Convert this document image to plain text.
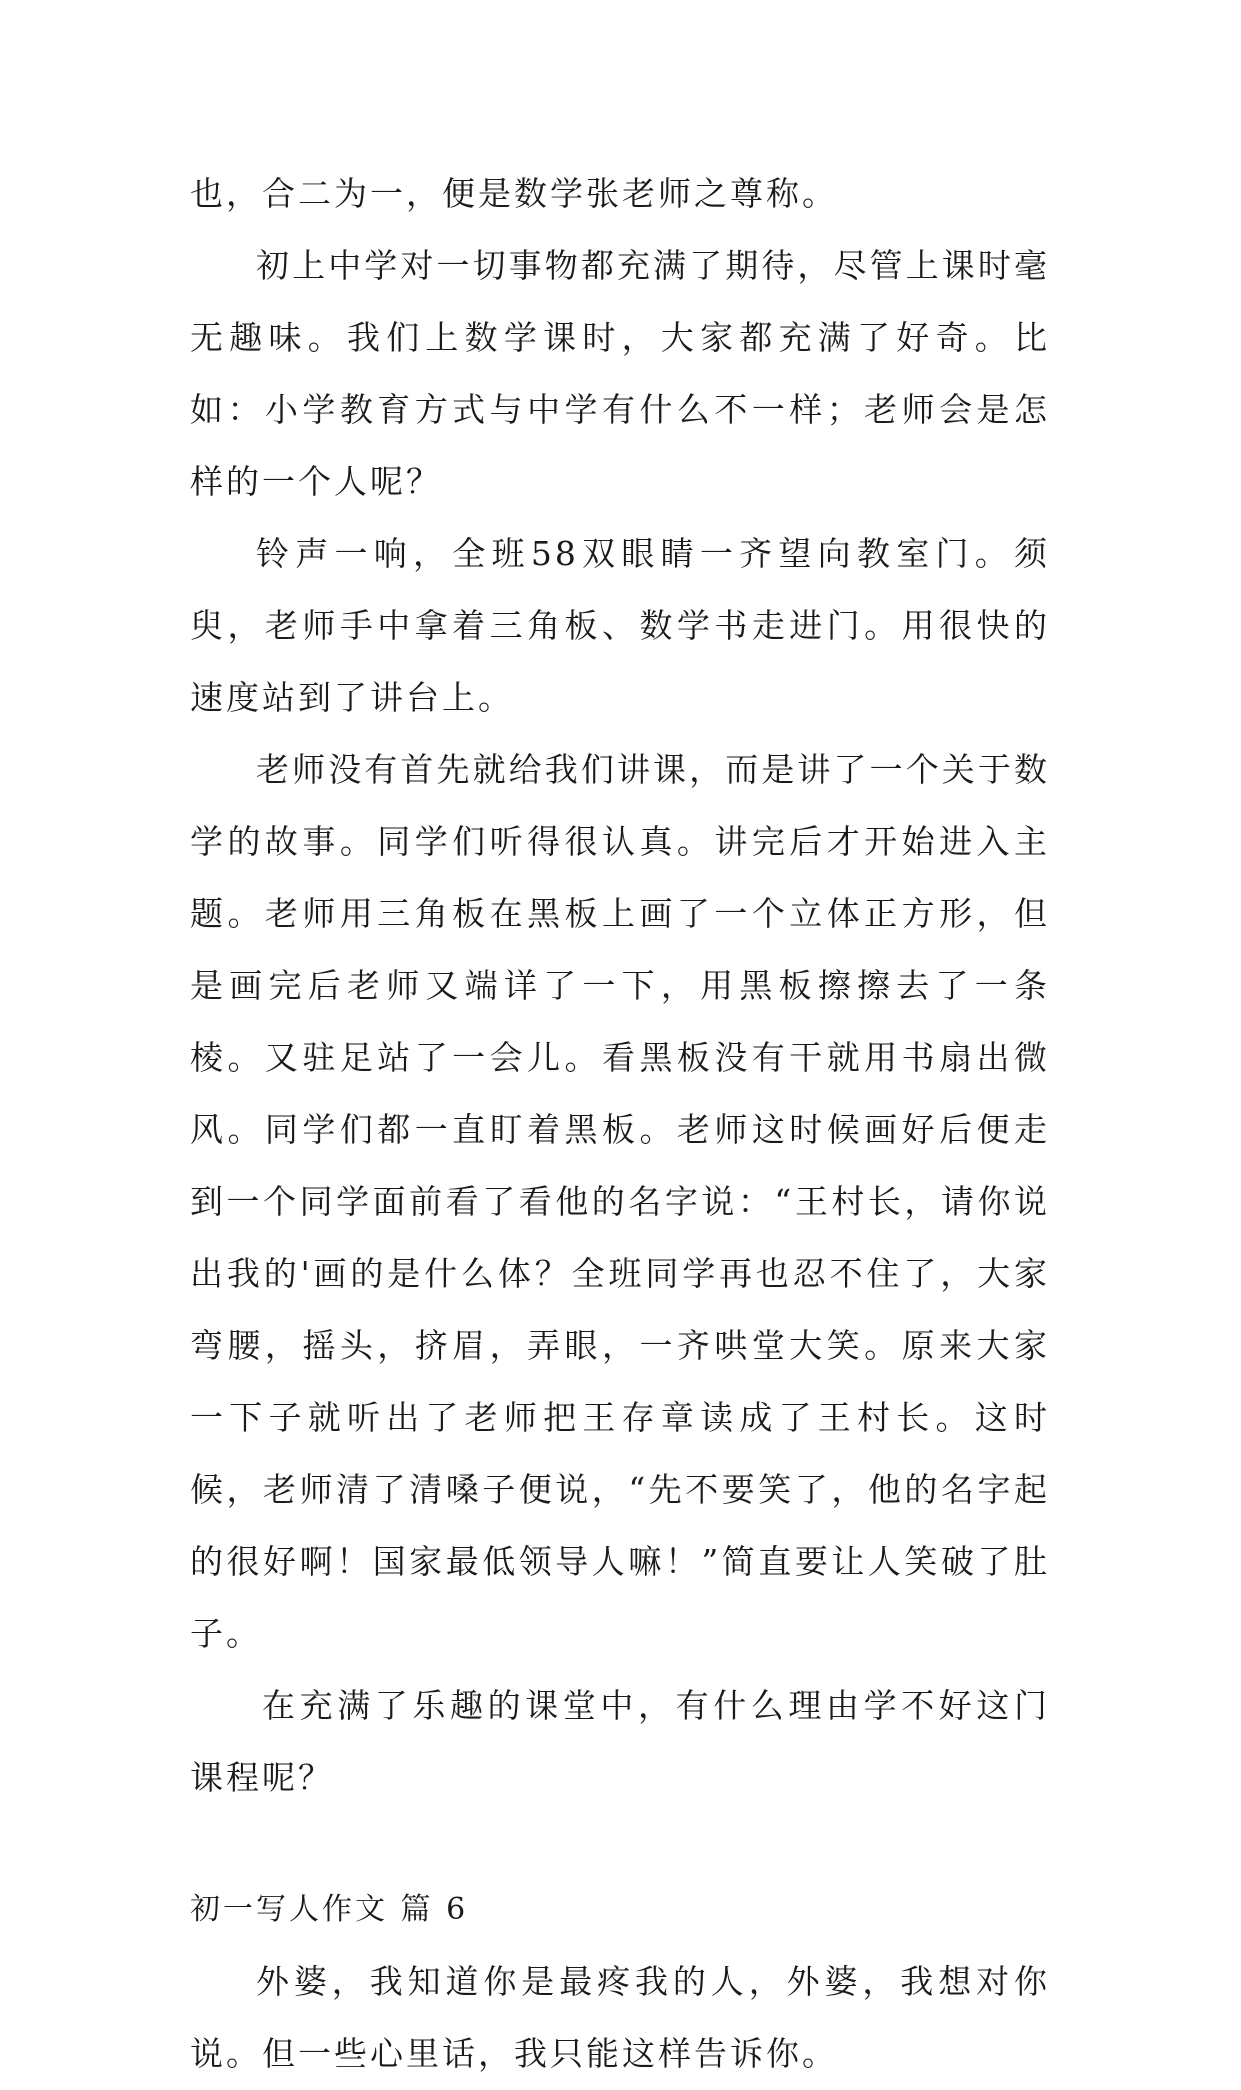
也，合二为一，便是数学张老师之尊称。

初上中学对一切事物都充满了期待，尽管上课时毫无趣味。我们上数学课时，大家都充满了好奇。比如：小学教育方式与中学有什么不一样；老师会是怎样的一个人呢？

铃声一响，全班58双眼睛一齐望向教室门。须臾，老师手中拿着三角板、数学书走进门。用很快的速度站到了讲台上。

老师没有首先就给我们讲课，而是讲了一个关于数学的故事。同学们听得很认真。讲完后才开始进入主题。老师用三角板在黑板上画了一个立体正方形，但是画完后老师又端详了一下，用黑板擦擦去了一条棱。又驻足站了一会儿。看黑板没有干就用书扇出微风。同学们都一直盯着黑板。老师这时候画好后便走到一个同学面前看了看他的名字说：“王村长，请你说出我的'画的是什么体？全班同学再也忍不住了，大家弯腰，摇头，挤眉，弄眼，一齐哄堂大笑。原来大家一下子就听出了老师把王存章读成了王村长。这时候，老师清了清嗓子便说，“先不要笑了，他的名字起的很好啊！国家最低领导人嘛！”简直要让人笑破了肚子。

在充满了乐趣的课堂中，有什么理由学不好这门课程呢？

初一写人作文 篇 6

外婆，我知道你是最疼我的人，外婆，我想对你说。但一些心里话，我只能这样告诉你。
